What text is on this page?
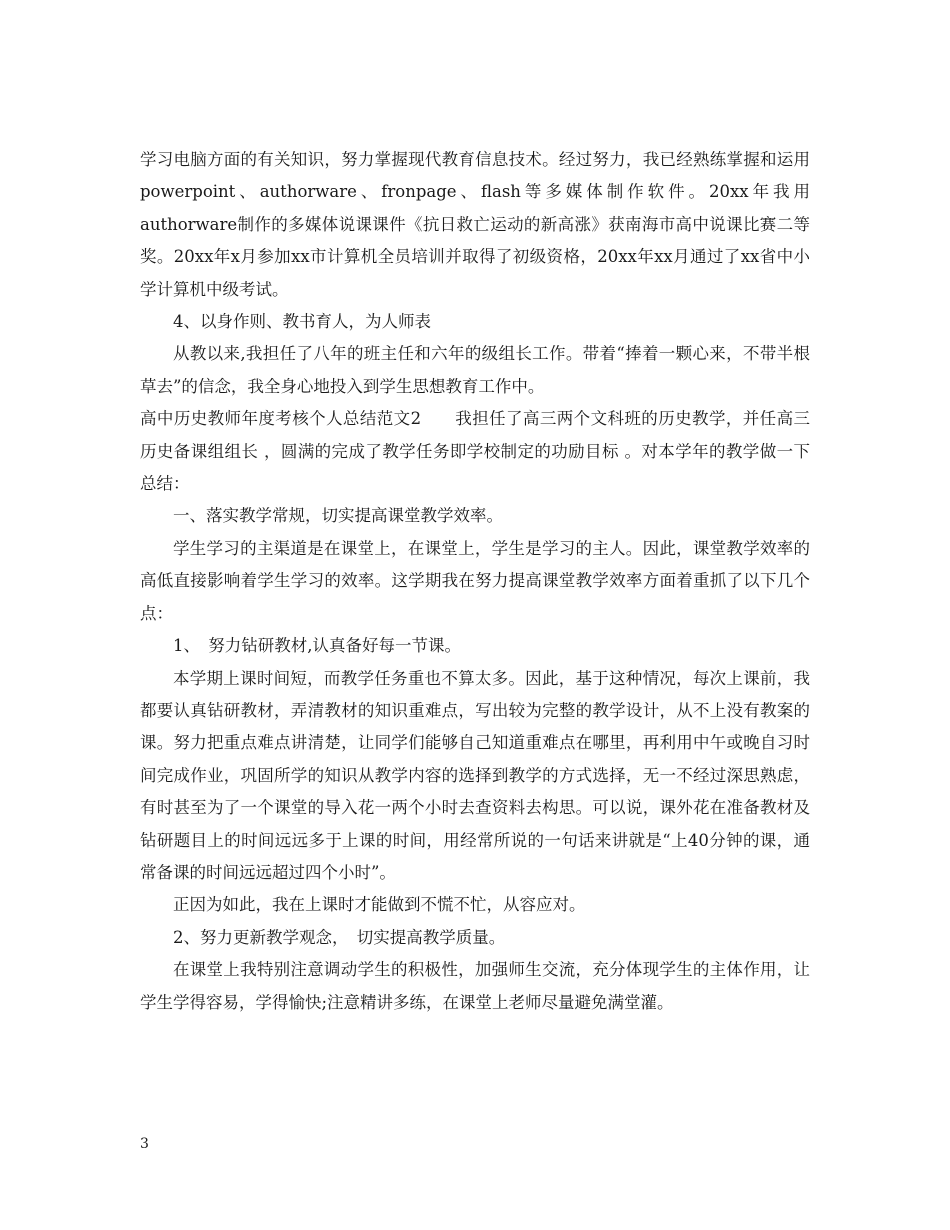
学习电脑方面的有关知识，努力掌握现代教育信息技术。经过努力，我已经熟练掌握和运用powerpoint、authorware、fronpage、flash等多媒体制作软件。20xx年我用authorware制作的多媒体说课课件《抗日救亡运动的新高涨》获南海市高中说课比赛二等奖。20xx年x月参加xx市计算机全员培训并取得了初级资格，20xx年xx月通过了xx省中小学计算机中级考试。

4、以身作则、教书育人，为人师表

从教以来,我担任了八年的班主任和六年的级组长工作。带着“捧着一颗心来，不带半根草去”的信念，我全身心地投入到学生思想教育工作中。

高中历史教师年度考核个人总结范文2　　我担任了高三两个文科班的历史教学，并任高三历史备课组组长 ，圆满的完成了教学任务即学校制定的功励目标 。对本学年的教学做一下总结：

一、落实教学常规，切实提高课堂教学效率。

学生学习的主渠道是在课堂上，在课堂上，学生是学习的主人。因此，课堂教学效率的高低直接影响着学生学习的效率。这学期我在努力提高课堂教学效率方面着重抓了以下几个点：

1、　努力钻研教材,认真备好每一节课。

本学期上课时间短，而教学任务重也不算太多。因此，基于这种情况，每次上课前，我都要认真钻研教材，弄清教材的知识重难点，写出较为完整的教学设计，从不上没有教案的课。努力把重点难点讲清楚，让同学们能够自己知道重难点在哪里，再利用中午或晚自习时间完成作业，巩固所学的知识从教学内容的选择到教学的方式选择，无一不经过深思熟虑，有时甚至为了一个课堂的导入花一两个小时去查资料去构思。可以说，课外花在准备教材及钻研题目上的时间远远多于上课的时间，用经常所说的一句话来讲就是“上40分钟的课，通常备课的时间远远超过四个小时”。

正因为如此，我在上课时才能做到不慌不忙，从容应对。

2、努力更新教学观念，　切实提高教学质量。

在课堂上我特别注意调动学生的积极性，加强师生交流，充分体现学生的主体作用，让学生学得容易，学得愉快;注意精讲多练，在课堂上老师尽量避免满堂灌。

3
